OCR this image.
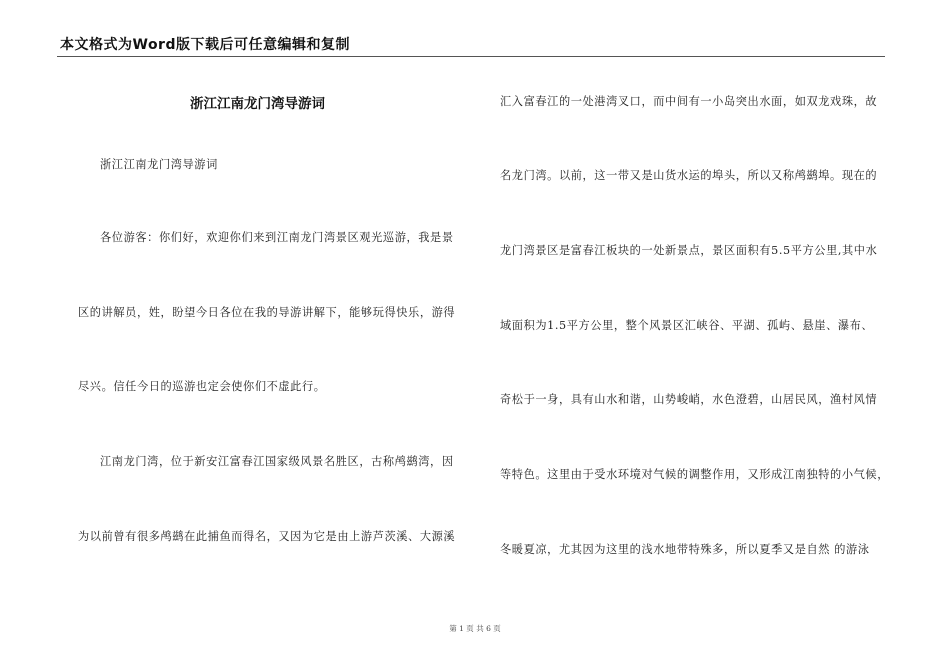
本文格式为Word版下载后可任意编辑和复制
浙江江南龙门湾导游词
浙江江南龙门湾导游词
各位游客：你们好，欢迎你们来到江南龙门湾景区观光巡游，我是景
区的讲解员，姓，盼望今日各位在我的导游讲解下，能够玩得快乐，游得
尽兴。信任今日的巡游也定会使你们不虚此行。
江南龙门湾，位于新安江富春江国家级风景名胜区，古称鸬鹚湾，因
为以前曾有很多鸬鹚在此捕鱼而得名，又因为它是由上游芦茨溪、大源溪
汇入富春江的一处港湾叉口，而中间有一小岛突出水面，如双龙戏珠，故
名龙门湾。以前，这一带又是山货水运的埠头，所以又称鸬鹚埠。现在的
龙门湾景区是富春江板块的一处新景点，景区面积有5.5平方公里,其中水
域面积为1.5平方公里，整个风景区汇峡谷、平湖、孤屿、悬崖、瀑布、
奇松于一身，具有山水和谐，山势峻峭，水色澄碧，山居民风，渔村风情
等特色。这里由于受水环境对气候的调整作用，又形成江南独特的小气候，
冬暖夏凉，尤其因为这里的浅水地带特殊多，所以夏季又是自然 的游泳
第 1 页 共 6 页
